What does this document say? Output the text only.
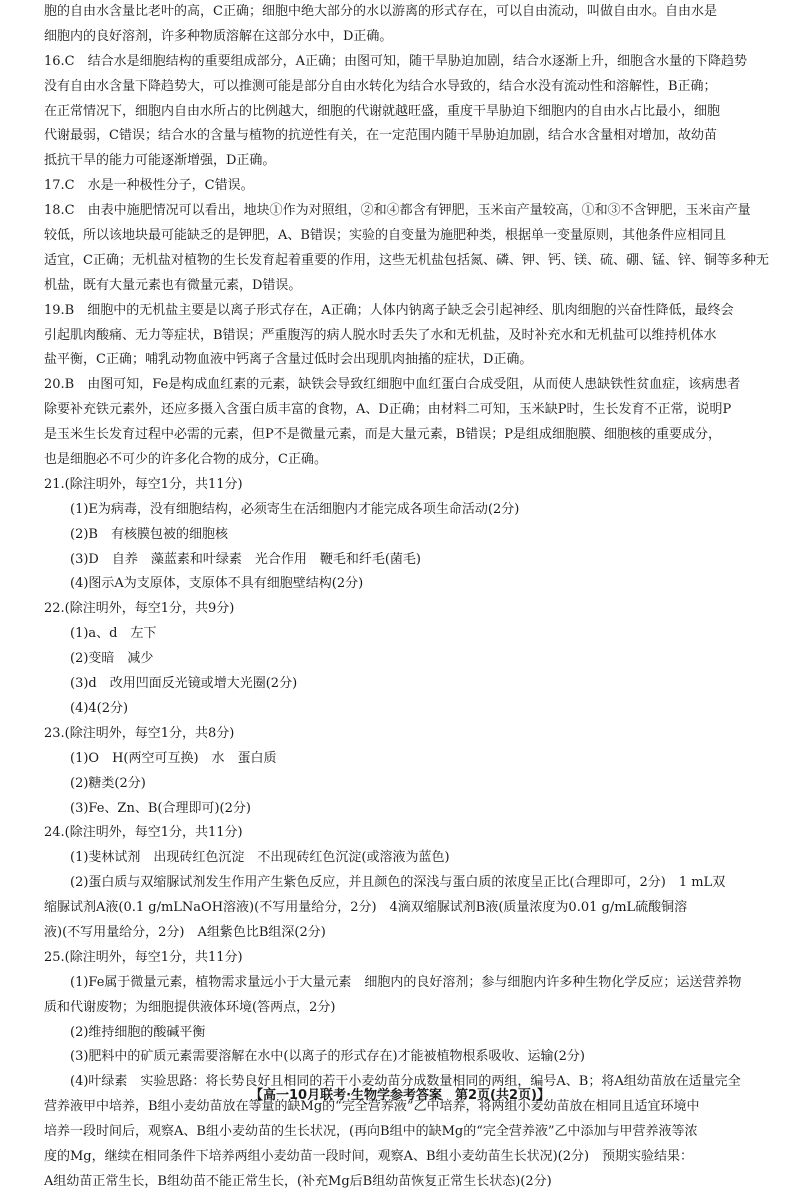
胞的自由水含量比老叶的高，C正确；细胞中绝大部分的水以游离的形式存在，可以自由流动，叫做自由水。自由水是
细胞内的良好溶剂，许多种物质溶解在这部分水中，D正确。
16.C　结合水是细胞结构的重要组成部分，A正确；由图可知，随干旱胁迫加剧，结合水逐渐上升，细胞含水量的下降趋势
没有自由水含量下降趋势大，可以推测可能是部分自由水转化为结合水导致的，结合水没有流动性和溶解性，B正确；
在正常情况下，细胞内自由水所占的比例越大，细胞的代谢就越旺盛，重度干旱胁迫下细胞内的自由水占比最小，细胞
代谢最弱，C错误；结合水的含量与植物的抗逆性有关，在一定范围内随干旱胁迫加剧，结合水含量相对增加，故幼苗
抵抗干旱的能力可能逐渐增强，D正确。
17.C　水是一种极性分子，C错误。
18.C　由表中施肥情况可以看出，地块①作为对照组，②和④都含有钾肥，玉米亩产量较高，①和③不含钾肥，玉米亩产量
较低，所以该地块最可能缺乏的是钾肥，A、B错误；实验的自变量为施肥种类，根据单一变量原则，其他条件应相同且
适宜，C正确；无机盐对植物的生长发育起着重要的作用，这些无机盐包括氮、磷、钾、钙、镁、硫、硼、锰、锌、铜等多种无
机盐，既有大量元素也有微量元素，D错误。
19.B　细胞中的无机盐主要是以离子形式存在，A正确；人体内钠离子缺乏会引起神经、肌肉细胞的兴奋性降低，最终会
引起肌肉酸痛、无力等症状，B错误；严重腹泻的病人脱水时丢失了水和无机盐，及时补充水和无机盐可以维持机体水
盐平衡，C正确；哺乳动物血液中钙离子含量过低时会出现肌肉抽搐的症状，D正确。
20.B　由图可知，Fe是构成血红素的元素，缺铁会导致红细胞中血红蛋白合成受阻，从而使人患缺铁性贫血症，该病患者
除要补充铁元素外，还应多摄入含蛋白质丰富的食物，A、D正确；由材料二可知，玉米缺P时，生长发育不正常，说明P
是玉米生长发育过程中必需的元素，但P不是微量元素，而是大量元素，B错误；P是组成细胞膜、细胞核的重要成分，
也是细胞必不可少的许多化合物的成分，C正确。
21.(除注明外，每空1分，共11分)
(1)E为病毒，没有细胞结构，必须寄生在活细胞内才能完成各项生命活动(2分)
(2)B　有核膜包被的细胞核
(3)D　自养　藻蓝素和叶绿素　光合作用　鞭毛和纤毛(菌毛)
(4)图示A为支原体，支原体不具有细胞壁结构(2分)
22.(除注明外，每空1分，共9分)
(1)a、d　左下
(2)变暗　减少
(3)d　改用凹面反光镜或增大光圈(2分)
(4)4(2分)
23.(除注明外，每空1分，共8分)
(1)O　H(两空可互换)　水　蛋白质
(2)糖类(2分)
(3)Fe、Zn、B(合理即可)(2分)
24.(除注明外，每空1分，共11分)
(1)斐林试剂　出现砖红色沉淀　不出现砖红色沉淀(或溶液为蓝色)
(2)蛋白质与双缩脲试剂发生作用产生紫色反应，并且颜色的深浅与蛋白质的浓度呈正比(合理即可，2分)　1 mL双
缩脲试剂A液(0.1 g/mLNaOH溶液)(不写用量给分，2分)　4滴双缩脲试剂B液(质量浓度为0.01 g/mL硫酸铜溶
液)(不写用量给分，2分)　A组紫色比B组深(2分)
25.(除注明外，每空1分，共11分)
(1)Fe属于微量元素，植物需求量远小于大量元素　细胞内的良好溶剂；参与细胞内许多种生物化学反应；运送营养物
质和代谢废物；为细胞提供液体环境(答两点，2分)
(2)维持细胞的酸碱平衡
(3)肥料中的矿质元素需要溶解在水中(以离子的形式存在)才能被植物根系吸收、运输(2分)
(4)叶绿素　实验思路：将长势良好且相同的若干小麦幼苗分成数量相同的两组，编号A、B；将A组幼苗放在适量完全
营养液甲中培养，B组小麦幼苗放在等量的缺Mg的“完全营养液”乙中培养，将两组小麦幼苗放在相同且适宜环境中
培养一段时间后，观察A、B组小麦幼苗的生长状况，(再向B组中的缺Mg的“完全营养液”乙中添加与甲营养液等浓
度的Mg，继续在相同条件下培养两组小麦幼苗一段时间，观察A、B组小麦幼苗生长状况)(2分)　预期实验结果：
A组幼苗正常生长，B组幼苗不能正常生长，(补充Mg后B组幼苗恢复正常生长状态)(2分)
【高一10月联考·生物学参考答案　第2页(共2页)】
